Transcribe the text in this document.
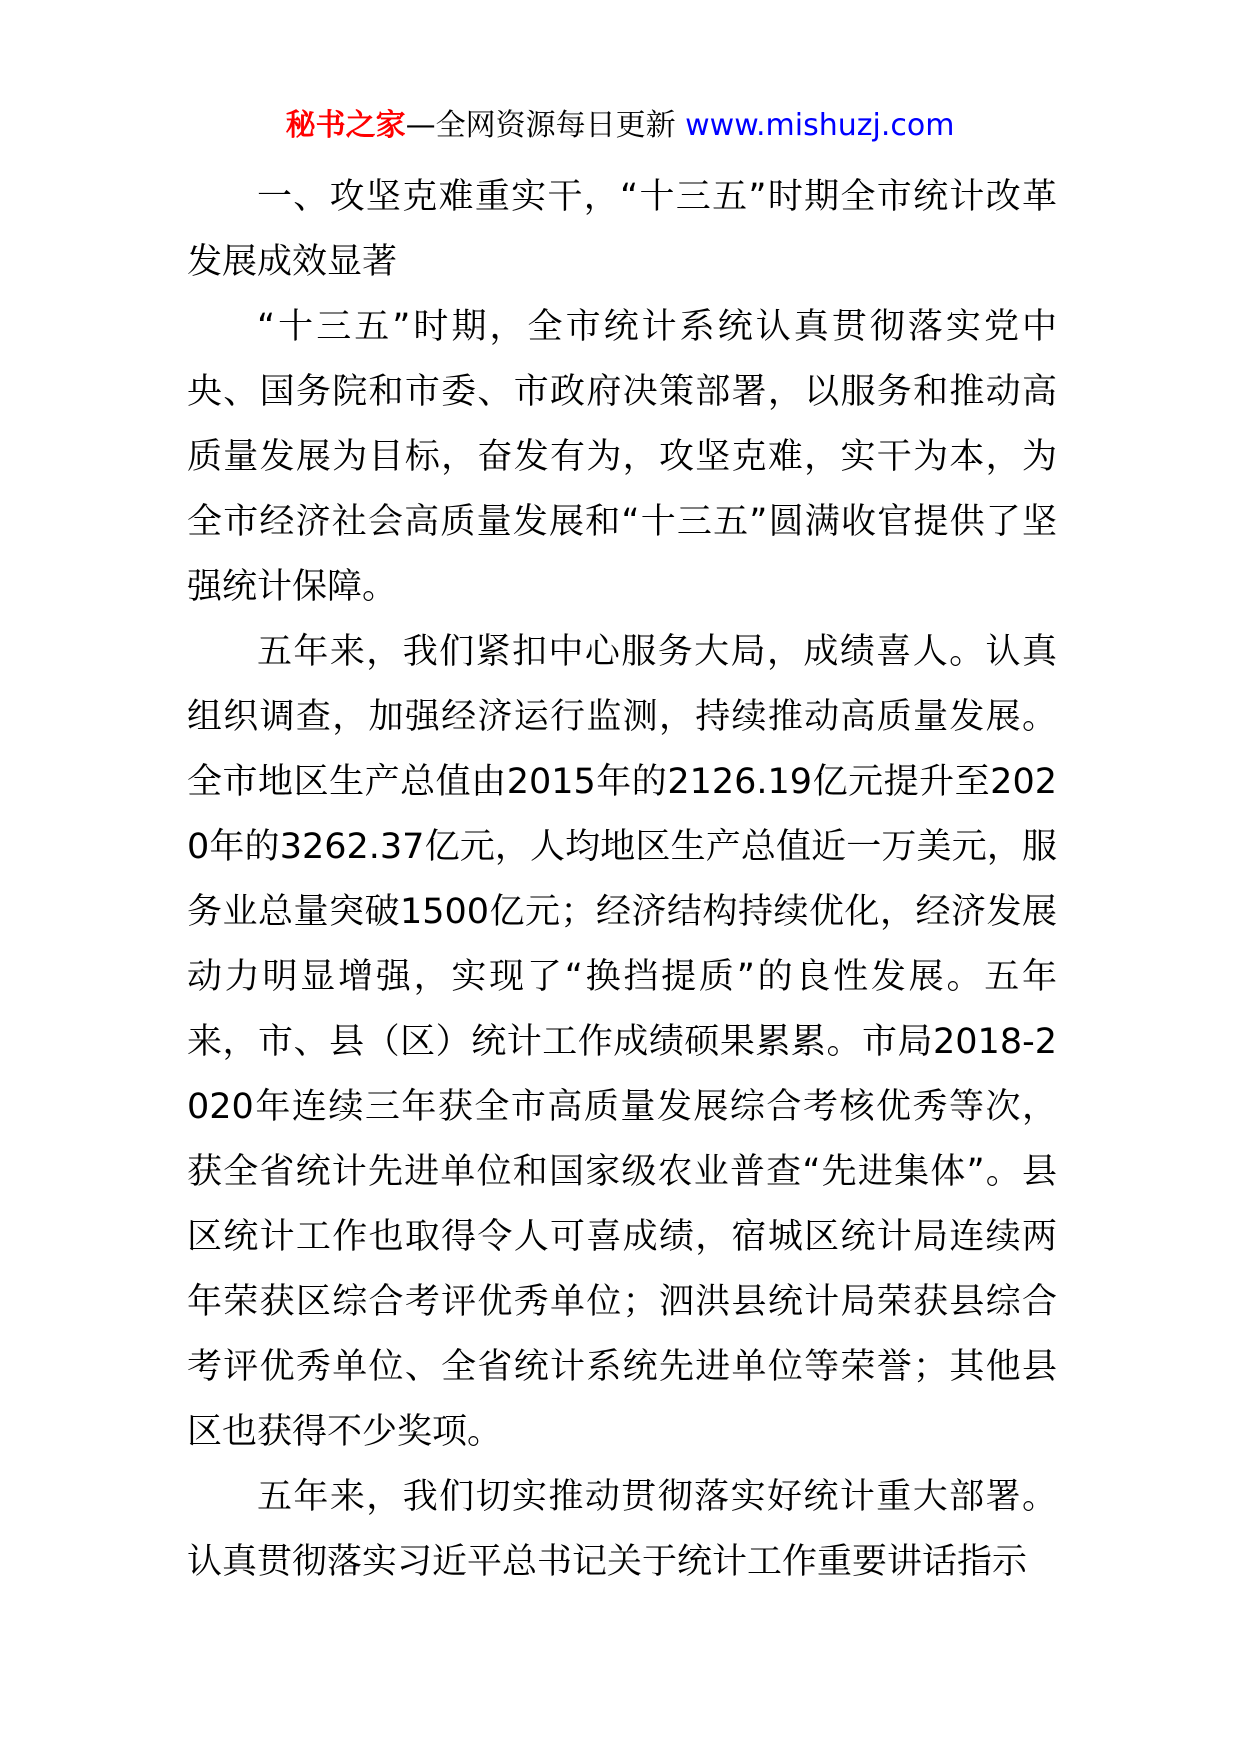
秘书之家—全网资源每日更新 www.mishuzj.com

一、攻坚克难重实干，“十三五”时期全市统计改革发展成效显著

“十三五”时期，全市统计系统认真贯彻落实党中央、国务院和市委、市政府决策部署，以服务和推动高质量发展为目标，奋发有为，攻坚克难，实干为本，为全市经济社会高质量发展和“十三五”圆满收官提供了坚强统计保障。

五年来，我们紧扣中心服务大局，成绩喜人。认真组织调查，加强经济运行监测，持续推动高质量发展。全市地区生产总值由2015年的2126.19亿元提升至2020年的3262.37亿元，人均地区生产总值近一万美元，服务业总量突破1500亿元；经济结构持续优化，经济发展动力明显增强，实现了“换挡提质”的良性发展。五年来，市、县（区）统计工作成绩硕果累累。市局2018-2020年连续三年获全市高质量发展综合考核优秀等次，获全省统计先进单位和国家级农业普查“先进集体”。县区统计工作也取得令人可喜成绩，宿城区统计局连续两年荣获区综合考评优秀单位；泗洪县统计局荣获县综合考评优秀单位、全省统计系统先进单位等荣誉；其他县区也获得不少奖项。

五年来，我们切实推动贯彻落实好统计重大部署。认真贯彻落实习近平总书记关于统计工作重要讲话指示
